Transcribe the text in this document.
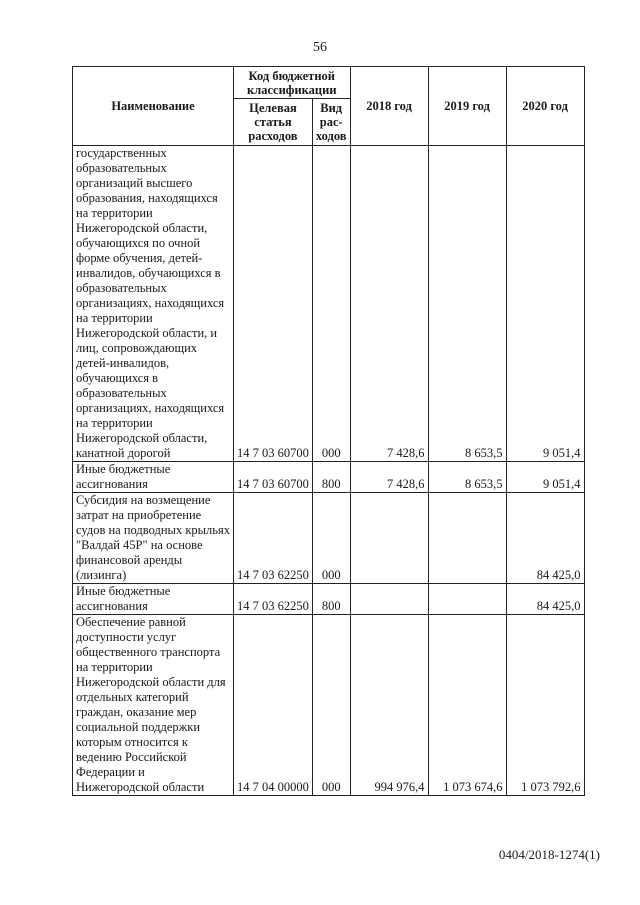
56
Наименование	Код бюджетной классификации		2018 год	2019 год	2020 год
	Целевая статья расходов	Вид рас-ходов			
государственных образовательных организаций высшего образования, находящихся на территории Нижегородской области, обучающихся по очной форме обучения, детей-инвалидов, обучающихся в образовательных организациях, находящихся на территории Нижегородской области, и лиц, сопровождающих детей-инвалидов, обучающихся в образовательных организациях, находящихся на территории Нижегородской области, канатной дорогой	14 7 03 60700	000	7 428,6	8 653,5	9 051,4
Иные бюджетные ассигнования	14 7 03 60700	800	7 428,6	8 653,5	9 051,4
Субсидия на возмещение затрат на приобретение судов на подводных крыльях "Валдай 45Р" на основе финансовой аренды (лизинга)	14 7 03 62250	000			84 425,0
Иные бюджетные ассигнования	14 7 03 62250	800			84 425,0
Обеспечение равной доступности услуг общественного транспорта на территории Нижегородской области для отдельных категорий граждан, оказание мер социальной поддержки которым относится к ведению Российской Федерации и Нижегородской области	14 7 04 00000	000	994 976,4	1 073 674,6	1 073 792,6
0404/2018-1274(1)
